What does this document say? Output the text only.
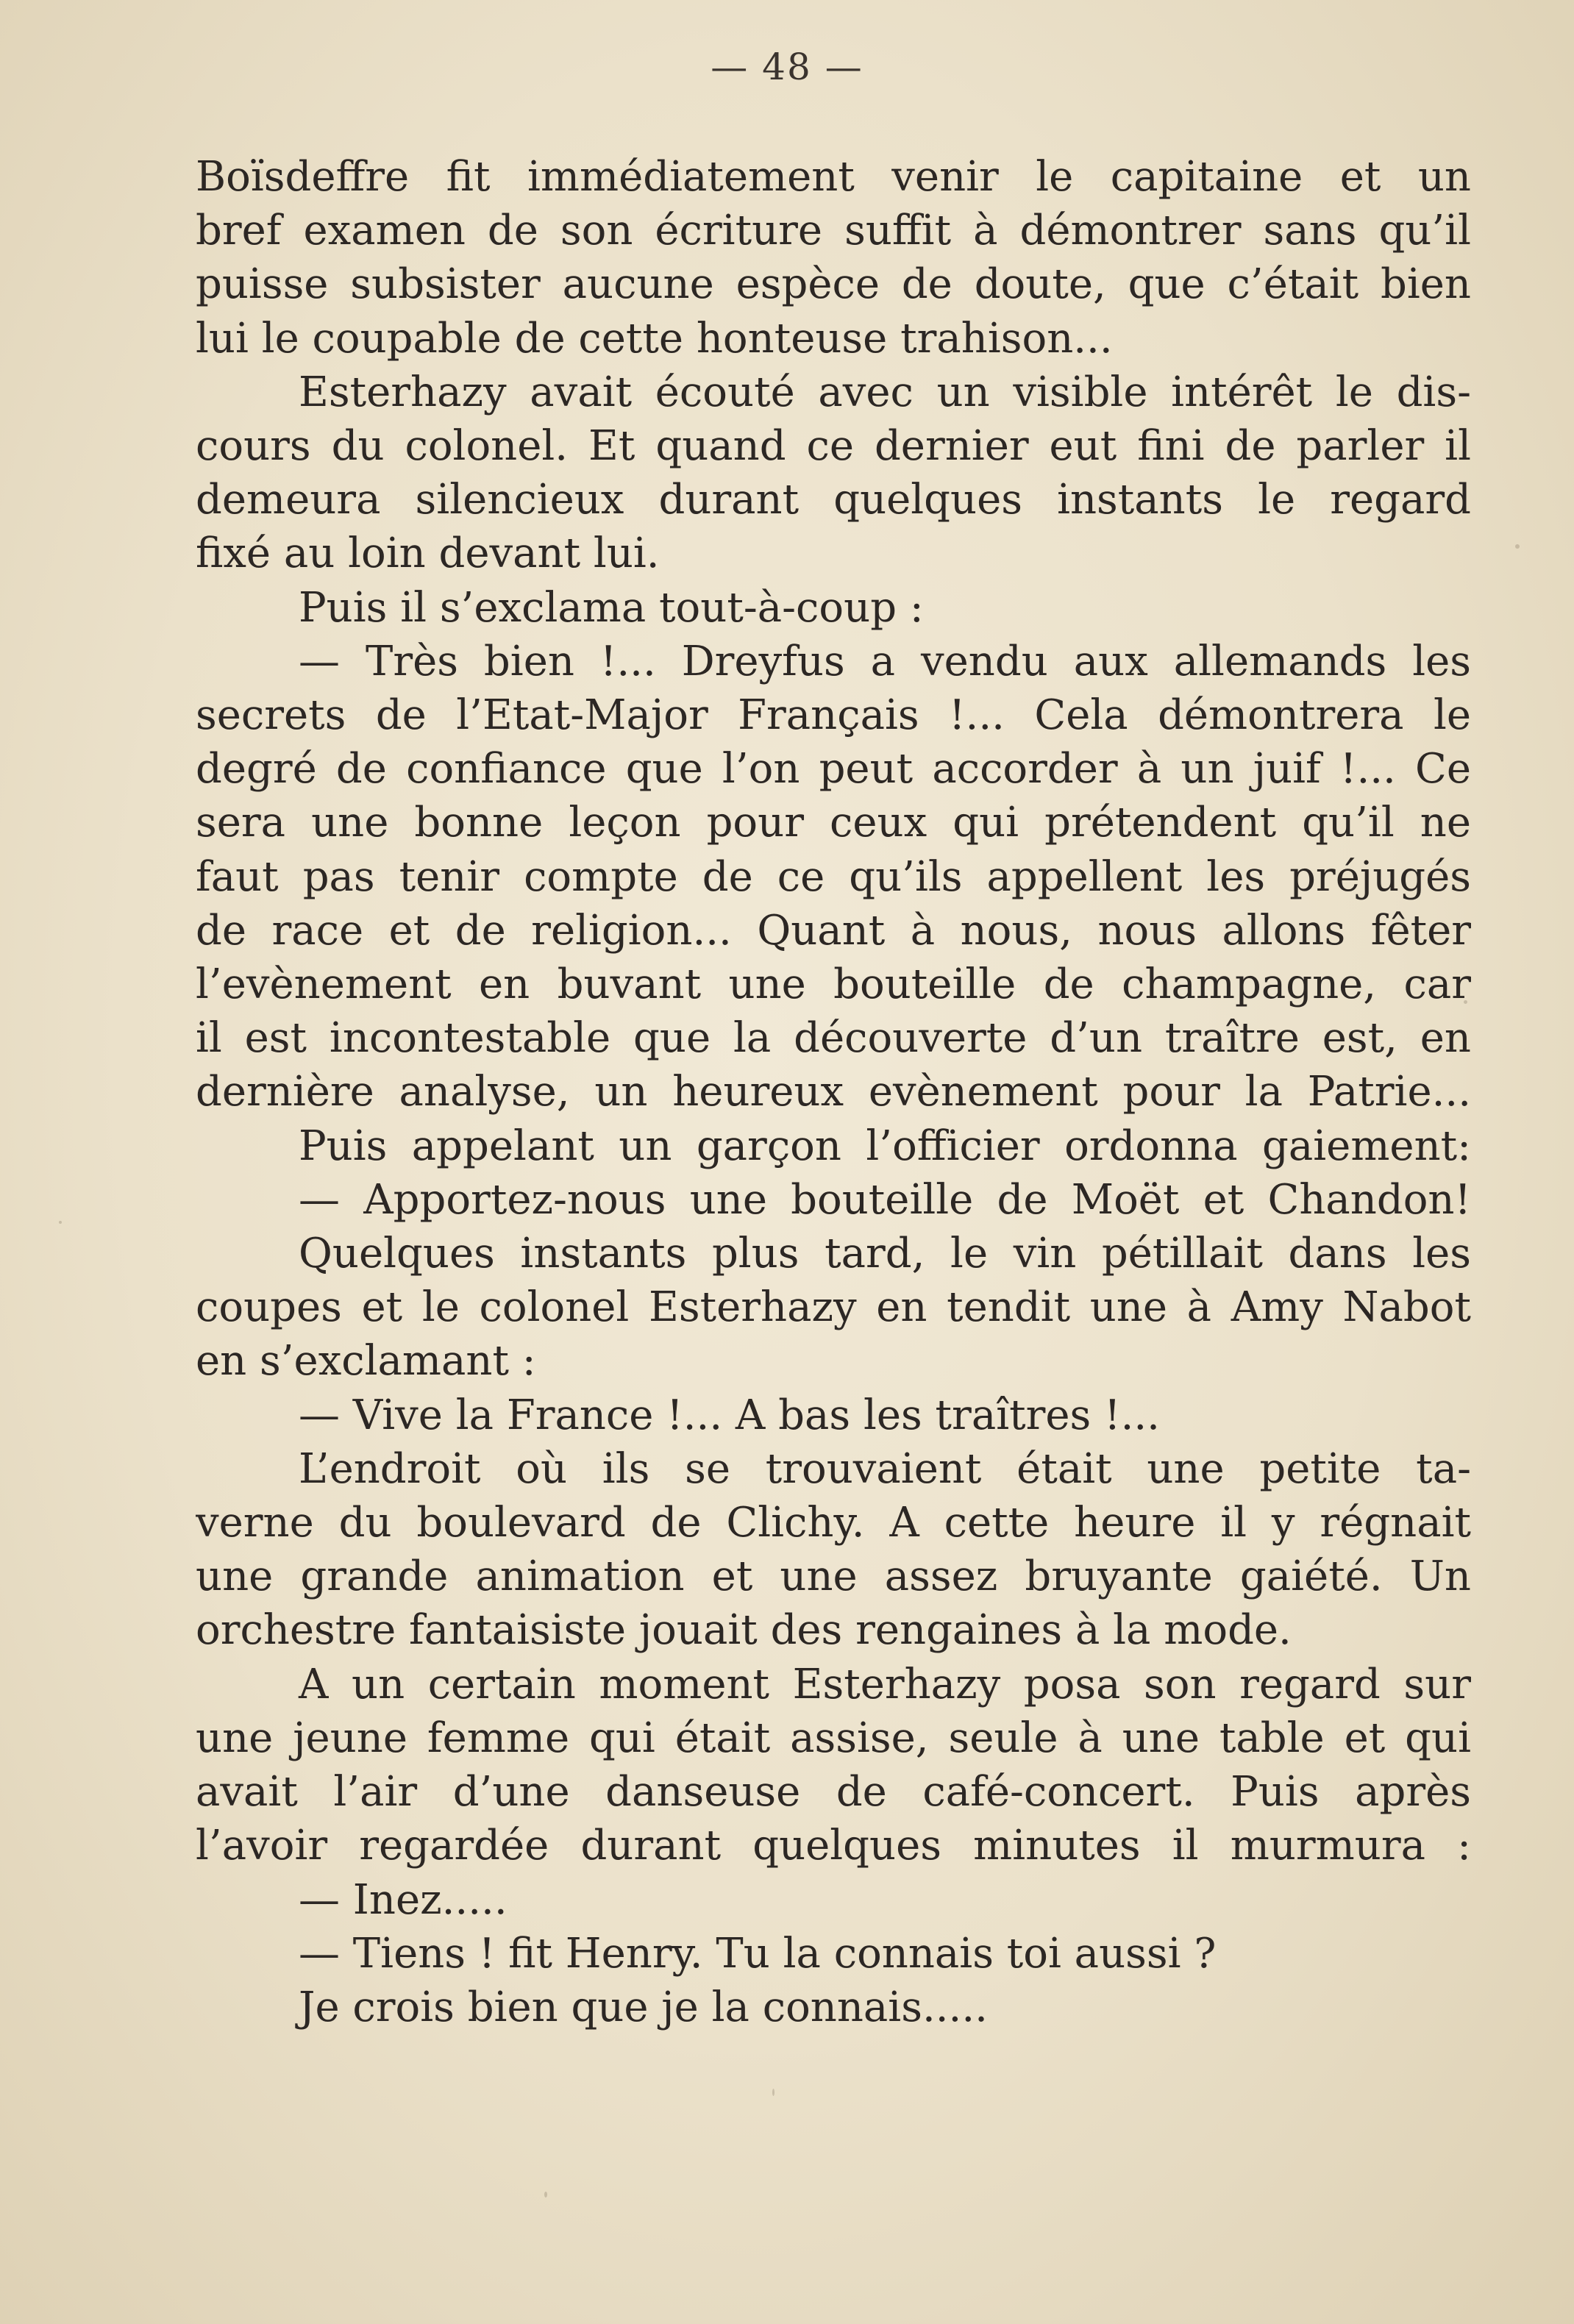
— 48 —
Boïsdeffre fit immédiatement venir le capitaine et un
bref examen de son écriture suffit à démontrer sans qu’il
puisse subsister aucune espèce de doute, que c’était bien
lui le coupable de cette honteuse trahison...
Esterhazy avait écouté avec un visible intérêt le dis-
cours du colonel. Et quand ce dernier eut fini de parler il
demeura silencieux durant quelques instants le regard
fixé au loin devant lui.
Puis il s’exclama tout-à-coup :
— Très bien !... Dreyfus a vendu aux allemands les
secrets de l’Etat-Major Français !... Cela démontrera le
degré de confiance que l’on peut accorder à un juif !... Ce
sera une bonne leçon pour ceux qui prétendent qu’il ne
faut pas tenir compte de ce qu’ils appellent les préjugés
de race et de religion... Quant à nous, nous allons fêter
l’evènement en buvant une bouteille de champagne, car
il est incontestable que la découverte d’un traître est, en
dernière analyse, un heureux evènement pour la Patrie...
Puis appelant un garçon l’officier ordonna gaiement:
— Apportez-nous une bouteille de Moët et Chandon!
Quelques instants plus tard, le vin pétillait dans les
coupes et le colonel Esterhazy en tendit une à Amy Nabot
en s’exclamant :
— Vive la France !... A bas les traîtres !...
L’endroit où ils se trouvaient était une petite ta-
verne du boulevard de Clichy. A cette heure il y régnait
une grande animation et une assez bruyante gaiété. Un
orchestre fantaisiste jouait des rengaines à la mode.
A un certain moment Esterhazy posa son regard sur
une jeune femme qui était assise, seule à une table et qui
avait l’air d’une danseuse de café-concert. Puis après
l’avoir regardée durant quelques minutes il murmura :
— Inez.....
— Tiens ! fit Henry. Tu la connais toi aussi ?
Je crois bien que je la connais.....
